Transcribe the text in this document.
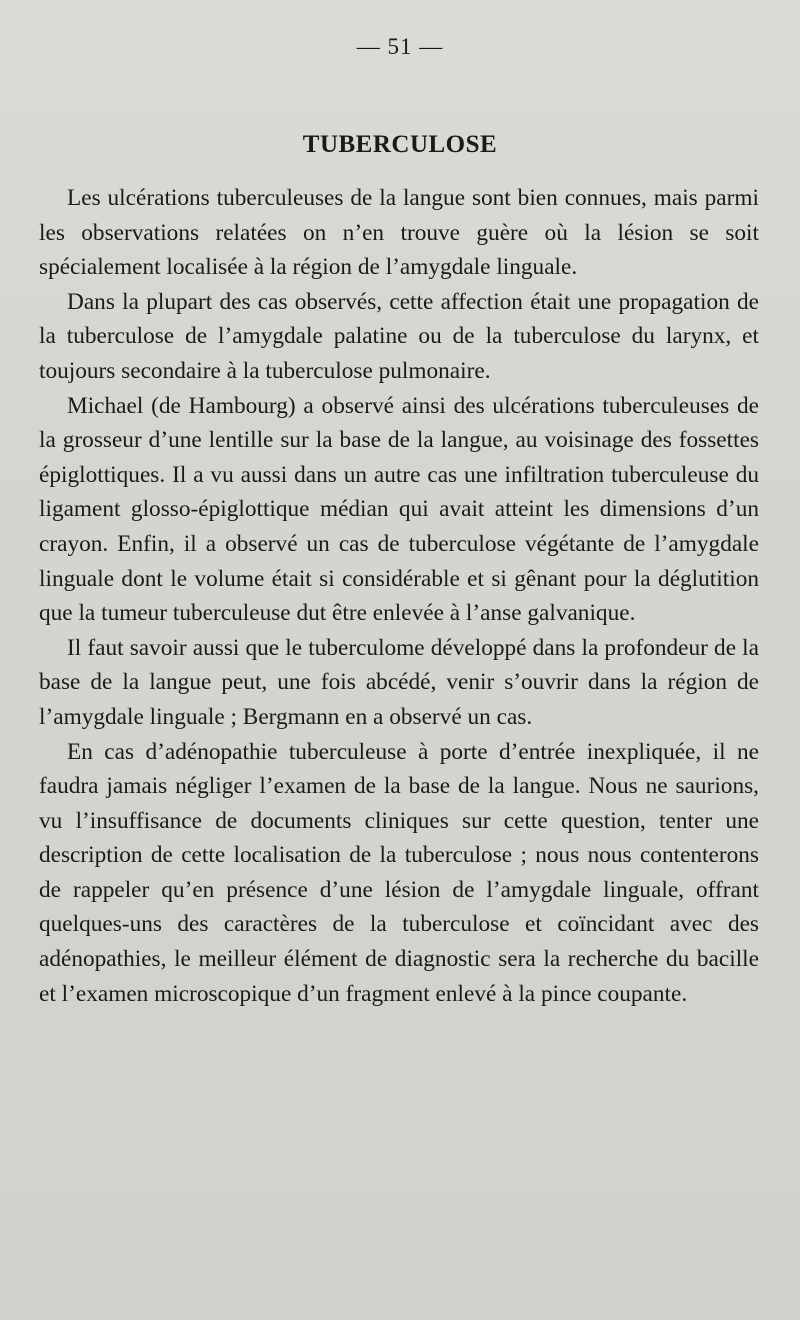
— 51 —
TUBERCULOSE

Les ulcérations tuberculeuses de la langue sont bien connues, mais parmi les observations relatées on n’en trouve guère où la lésion se soit spécialement localisée à la région de l’amygdale linguale.

Dans la plupart des cas observés, cette affection était une propagation de la tuberculose de l’amygdale palatine ou de la tuberculose du larynx, et toujours secondaire à la tuberculose pulmonaire.

Michael (de Hambourg) a observé ainsi des ulcérations tuberculeuses de la grosseur d’une lentille sur la base de la langue, au voisinage des fossettes épiglottiques. Il a vu aussi dans un autre cas une infiltration tuberculeuse du ligament glosso-épiglottique médian qui avait atteint les dimensions d’un crayon. Enfin, il a observé un cas de tuberculose végétante de l’amygdale linguale dont le volume était si considérable et si gênant pour la déglutition que la tumeur tuberculeuse dut être enlevée à l’anse galvanique.

Il faut savoir aussi que le tuberculome développé dans la profondeur de la base de la langue peut, une fois abcédé, venir s’ouvrir dans la région de l’amygdale linguale ; Bergmann en a observé un cas.

En cas d’adénopathie tuberculeuse à porte d’entrée inexpliquée, il ne faudra jamais négliger l’examen de la base de la langue. Nous ne saurions, vu l’insuffisance de documents cliniques sur cette question, tenter une description de cette localisation de la tuberculose ; nous nous contenterons de rappeler qu’en présence d’une lésion de l’amygdale linguale, offrant quelques-uns des caractères de la tuberculose et coïncidant avec des adénopathies, le meilleur élément de diagnostic sera la recherche du bacille et l’examen microscopique d’un fragment enlevé à la pince coupante.
